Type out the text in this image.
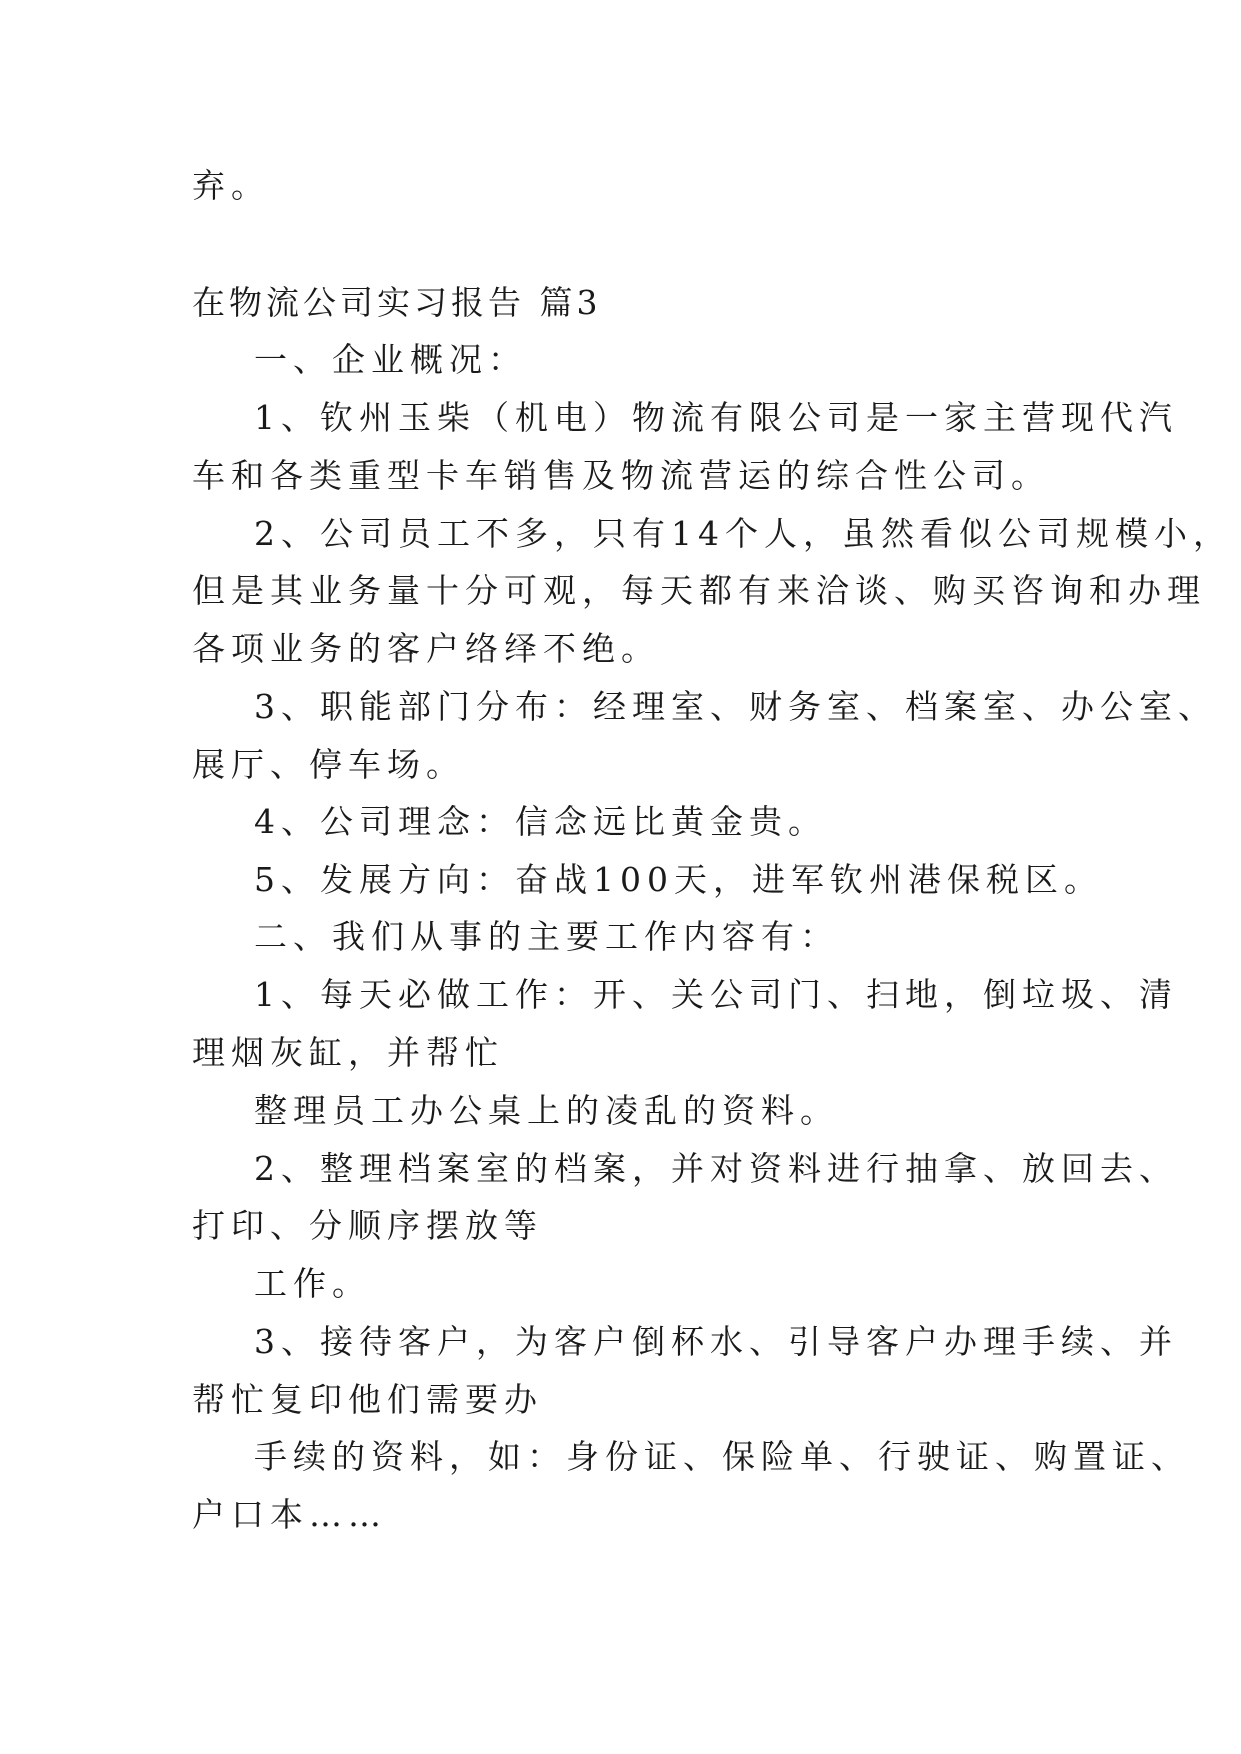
弃。
在物流公司实习报告 篇3
一、企业概况：
1、钦州玉柴（机电）物流有限公司是一家主营现代汽
车和各类重型卡车销售及物流营运的综合性公司。
2、公司员工不多，只有14个人，虽然看似公司规模小，
但是其业务量十分可观，每天都有来洽谈、购买咨询和办理
各项业务的客户络绎不绝。
3、职能部门分布：经理室、财务室、档案室、办公室、
展厅、停车场。
4、公司理念：信念远比黄金贵。
5、发展方向：奋战100天，进军钦州港保税区。
二、我们从事的主要工作内容有：
1、每天必做工作：开、关公司门、扫地，倒垃圾、清
理烟灰缸，并帮忙
整理员工办公桌上的凌乱的资料。
2、整理档案室的档案，并对资料进行抽拿、放回去、
打印、分顺序摆放等
工作。
3、接待客户，为客户倒杯水、引导客户办理手续、并
帮忙复印他们需要办
手续的资料，如：身份证、保险单、行驶证、购置证、
户口本……
